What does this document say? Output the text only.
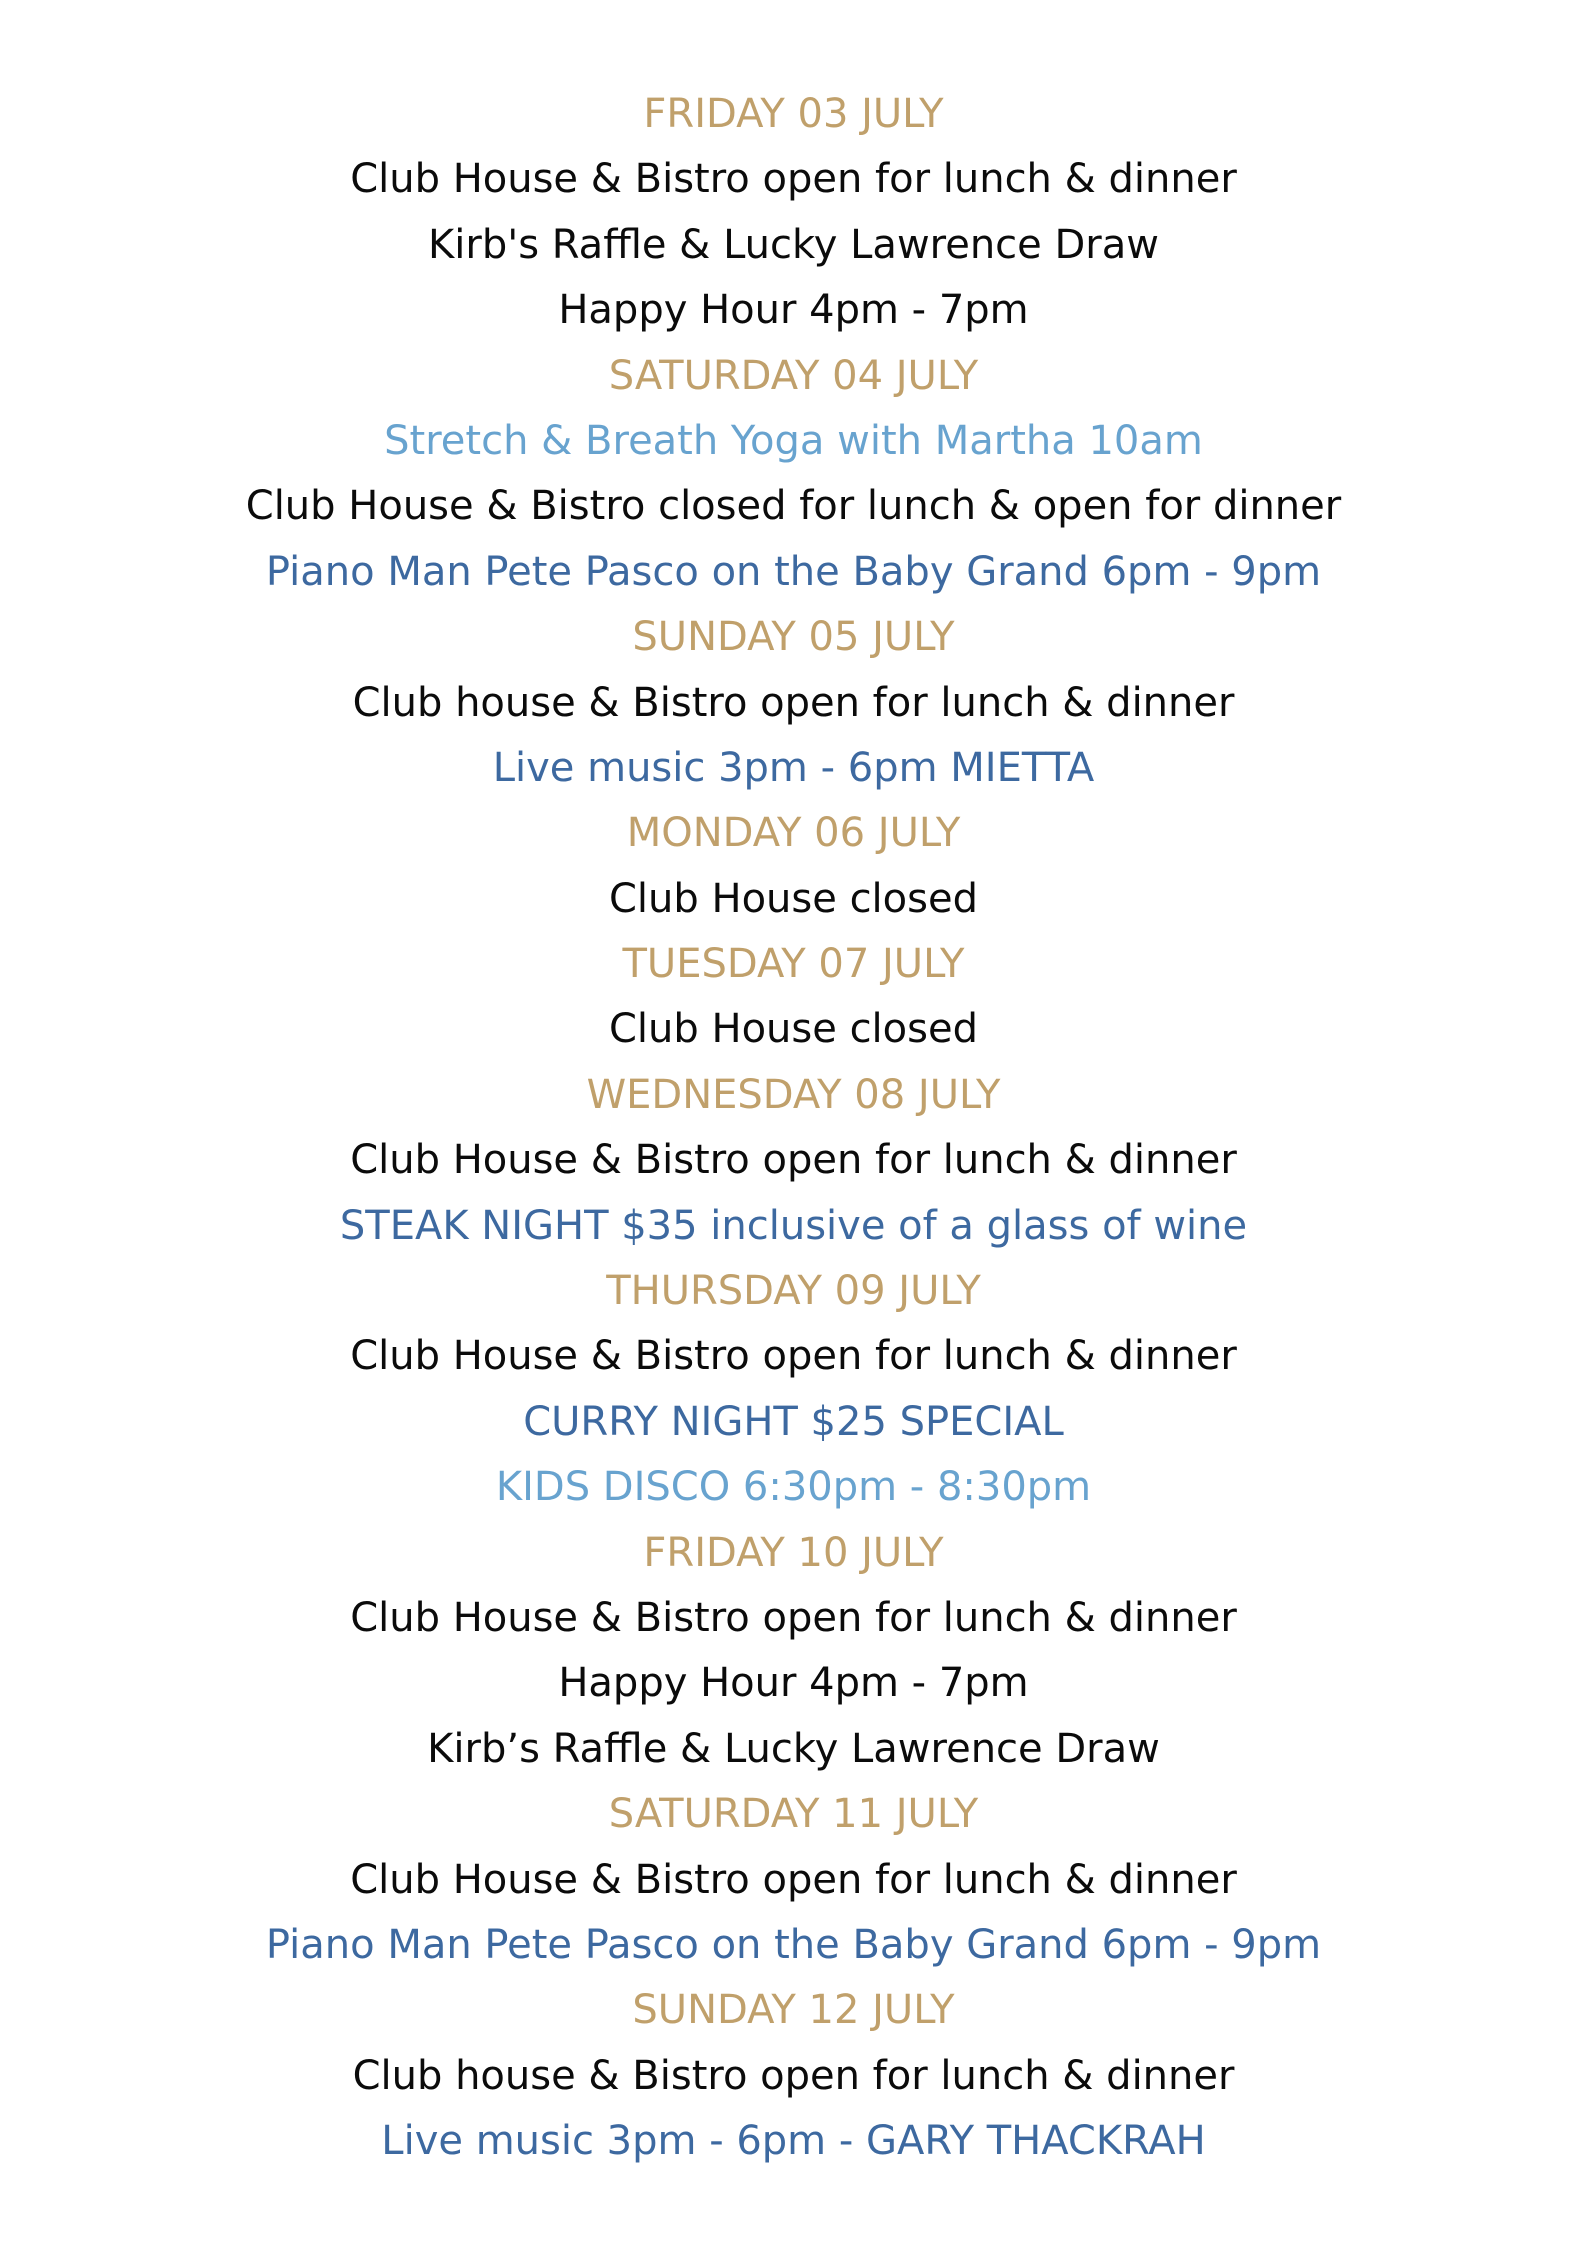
FRIDAY 03 JULY
Club House & Bistro open for lunch & dinner
Kirb's Raffle & Lucky Lawrence Draw
Happy Hour 4pm - 7pm
SATURDAY 04 JULY
Stretch & Breath Yoga with Martha 10am
Club House & Bistro closed for lunch & open for dinner
Piano Man Pete Pasco on the Baby Grand 6pm - 9pm
SUNDAY 05 JULY
Club house & Bistro open for lunch & dinner
Live music 3pm - 6pm MIETTA
MONDAY 06 JULY
Club House closed
TUESDAY 07 JULY
Club House closed
WEDNESDAY 08 JULY
Club House & Bistro open for lunch & dinner
STEAK NIGHT $35 inclusive of a glass of wine
THURSDAY 09 JULY
Club House & Bistro open for lunch & dinner
CURRY NIGHT $25 SPECIAL
KIDS DISCO 6:30pm - 8:30pm
FRIDAY 10 JULY
Club House & Bistro open for lunch & dinner
Happy Hour 4pm - 7pm
Kirb’s Raffle & Lucky Lawrence Draw
SATURDAY 11 JULY
Club House & Bistro open for lunch & dinner
Piano Man Pete Pasco on the Baby Grand 6pm - 9pm
SUNDAY 12 JULY
Club house & Bistro open for lunch & dinner
Live music 3pm - 6pm - GARY THACKRAH
